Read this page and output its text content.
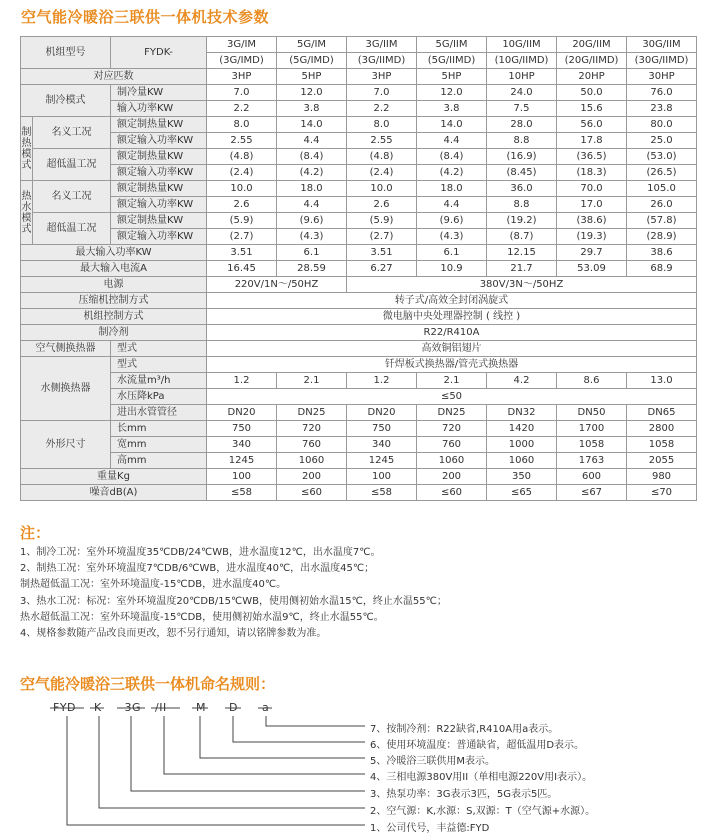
空气能冷暖浴三联供一体机技术参数
机组型号	FYDK-	3G/IM	5G/IM	3G/IIM	5G/IIM	10G/IIM	20G/IIM	30G/IIM
(3G/IMD)	(5G/IMD)	(3G/IIMD)	(5G/IIMD)	(10G/IIMD)	(20G/IIMD)	(30G/IIMD)
对应匹数	3HP	5HP	3HP	5HP	10HP	20HP	30HP
制冷模式	制冷量KW	7.0	12.0	7.0	12.0	24.0	50.0	76.0
输入功率KW	2.2	3.8	2.2	3.8	7.5	15.6	23.8
制热模式	名义工况	额定制热量KW	8.0	14.0	8.0	14.0	28.0	56.0	80.0
额定输入功率KW	2.55	4.4	2.55	4.4	8.8	17.8	25.0
超低温工况	额定制热量KW	(4.8)	(8.4)	(4.8)	(8.4)	(16.9)	(36.5)	(53.0)
额定输入功率KW	(2.4)	(4.2)	(2.4)	(4.2)	(8.45)	(18.3)	(26.5)
热水模式	名义工况	额定制热量KW	10.0	18.0	10.0	18.0	36.0	70.0	105.0
额定输入功率KW	2.6	4.4	2.6	4.4	8.8	17.0	26.0
超低温工况	额定制热量KW	(5.9)	(9.6)	(5.9)	(9.6)	(19.2)	(38.6)	(57.8)
额定输入功率KW	(2.7)	(4.3)	(2.7)	(4.3)	(8.7)	(19.3)	(28.9)
最大输入功率KW	3.51	6.1	3.51	6.1	12.15	29.7	38.6
最大输入电流A	16.45	28.59	6.27	10.9	21.7	53.09	68.9
电源	220V/1N～/50HZ	380V/3N～/50HZ
压缩机控制方式	转子式/高效全封闭涡旋式
机组控制方式	微电脑中央处理器控制 ( 线控 )
制冷剂	R22/R410A
空气侧换热器	型式	高效铜铝翅片
水侧换热器	型式	钎焊板式换热器/管壳式换热器
水流量m³/h	1.2	2.1	1.2	2.1	4.2	8.6	13.0
水压降kPa	≤50
进出水管管径	DN20	DN25	DN20	DN25	DN32	DN50	DN65
外形尺寸	长mm	750	720	750	720	1420	1700	2800
宽mm	340	760	340	760	1000	1058	1058
高mm	1245	1060	1245	1060	1060	1763	2055
重量Kg	100	200	100	200	350	600	980
噪音dB(A)	≤58	≤60	≤58	≤60	≤65	≤67	≤70
注：
1、制冷工况：室外环境温度35℃DB/24℃WB，进水温度12℃，出水温度7℃。
2、制热工况：室外环境温度7℃DB/6℃WB，进水温度40℃，出水温度45℃；
制热超低温工况：室外环境温度-15℃DB，进水温度40℃。
3、热水工况：标况：室外环境温度20℃DB/15℃WB，使用侧初始水温15℃，终止水温55℃；
热水超低温工况：室外环境温度-15℃DB，使用侧初始水温9℃，终止水温55℃。
4、规格参数随产品改良而更改，恕不另行通知，请以铭牌参数为准。
空气能冷暖浴三联供一体机命名规则：
FYD K -3G /II	M D a
7、按制冷剂：R22缺省,R410A用a表示。
6、使用环境温度：普通缺省，超低温用D表示。
5、冷暖浴三联供用M表示。
4、三相电源380V用II（单相电源220V用I表示）。
3、热泵功率：3G表示3匹，5G表示5匹。
2、空气源：K,水源：S,双源：T（空气源+水源）。
1、公司代号，丰益德:FYD
